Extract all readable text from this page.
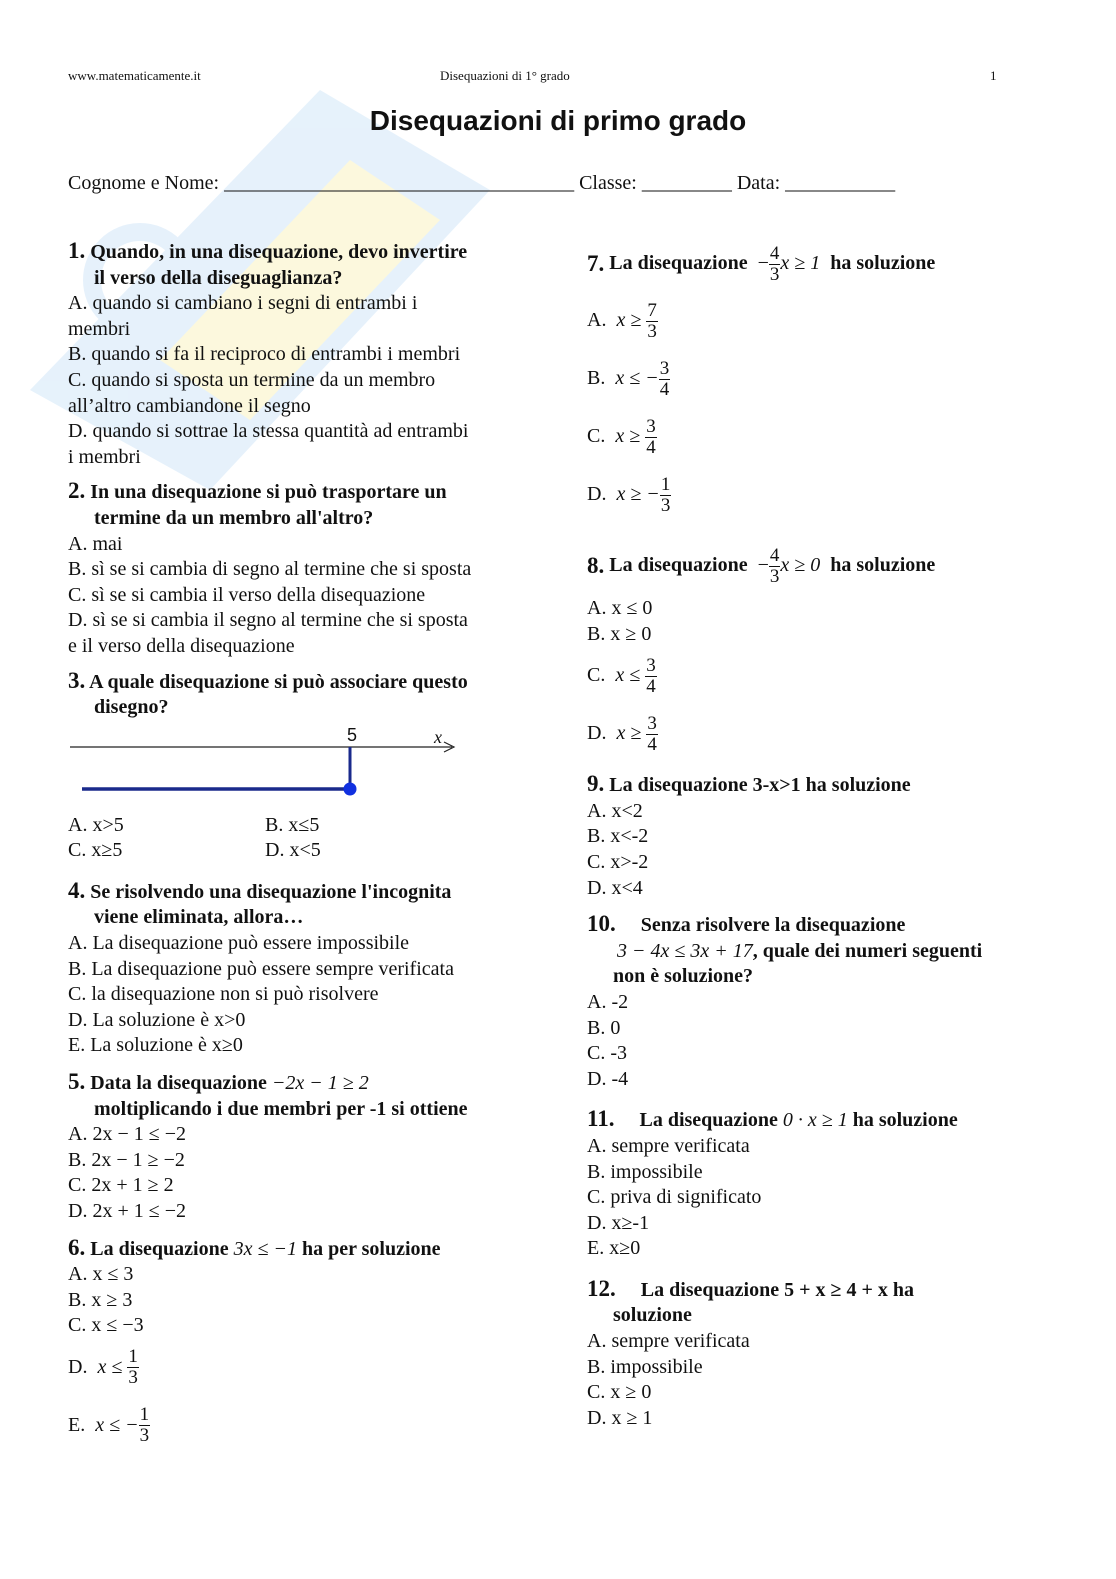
www.matematicamente.it	Disequazioni di 1° grado	1
Disequazioni di primo grado
Cognome e Nome: ___________________________________ Classe: _________ Data: ___________
1. Quando, in una disequazione, devo invertire
il verso della diseguaglianza?
A. quando si cambiano i segni di entrambi i
membri
B. quando si fa il reciproco di entrambi i membri
C. quando si sposta un termine da un membro
all’altro cambiandone il segno
D. quando si sottrae la stessa quantità ad entrambi
i membri
2. In una disequazione si può trasportare un
termine da un membro all'altro?
A. mai
B. sì se si cambia di segno al termine che si sposta
C. sì se si cambia il verso della disequazione
D. sì se si cambia il segno al termine che si sposta
e il verso della disequazione
3. A quale disequazione si può associare questo
disegno?
5	x
A. x>5	B. x≤5
C. x≥5	D. x<5
4. Se risolvendo una disequazione l'incognita
viene eliminata, allora…
A. La disequazione può essere impossibile
B. La disequazione può essere sempre verificata
C. la disequazione non si può risolvere
D. La soluzione è x>0
E. La soluzione è x≥0
5. Data la disequazione −2x − 1 ≥ 2
moltiplicando i due membri per -1 si ottiene
A. 2x − 1 ≤ −2
B. 2x − 1 ≥ −2
C. 2x + 1 ≥ 2
D. 2x + 1 ≤ −2
6. La disequazione 3x ≤ −1 ha per soluzione
A. x ≤ 3
B. x ≥ 3
C. x ≤ −3
D.
x ≤
$\frac{1}{3}$
E.
x ≤ − $\frac{1}{3}$
7.
La disequazione
− $\frac{4}{3}$ x ≥ 1
ha soluzione
A.
x ≥
$\frac{7}{3}$
B.
x ≤ − $\frac{3}{4}$
C.
x ≥
$\frac{3}{4}$
D.
x ≥ − $\frac{1}{3}$
8.
La disequazione
− $\frac{4}{3}$ x ≥ 0
ha soluzione
A. x ≤ 0
B. x ≥ 0
C.
x ≤
$\frac{3}{4}$
D.
x ≥
$\frac{3}{4}$
9. La disequazione 3-x>1 ha soluzione
A. x<2
B. x<-2
C. x>-2
D. x<4
10. Senza risolvere la disequazione
3 − 4x ≤ 3x + 17, quale dei numeri seguenti
non è soluzione?
A. -2
B. 0
C. -3
D. -4
11. La disequazione 0 · x ≥ 1 ha soluzione
A. sempre verificata
B. impossibile
C. priva di significato
D. x≥-1
E. x≥0
12. La disequazione 5 + x ≥ 4 + x ha
soluzione
A. sempre verificata
B. impossibile
C. x ≥ 0
D. x ≥ 1
